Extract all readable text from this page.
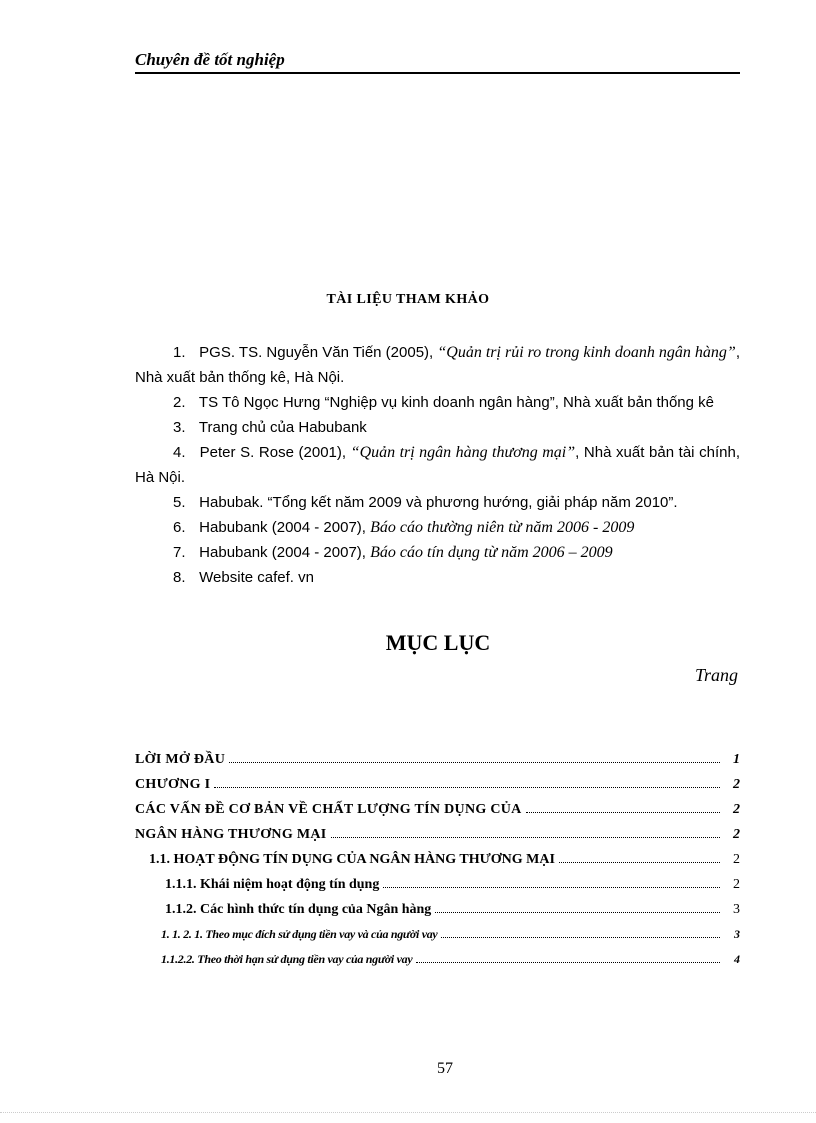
Chuyên đề tốt nghiệp
TÀI LIỆU THAM KHẢO
1. PGS. TS. Nguyễn Văn Tiến (2005), “Quản trị rủi ro trong kinh doanh ngân hàng”, Nhà xuất bản thống kê, Hà Nội.
2. TS Tô Ngọc Hưng “Nghiệp vụ kinh doanh ngân hàng”, Nhà xuất bản thống kê
3. Trang chủ của Habubank
4. Peter S. Rose (2001), “Quản trị ngân hàng thương mại”, Nhà xuất bản tài chính, Hà Nội.
5. Habubak. “Tổng kết năm 2009 và phương hướng, giải pháp năm 2010”.
6. Habubank (2004 - 2007), Báo cáo thường niên từ năm 2006 - 2009
7. Habubank (2004 - 2007), Báo cáo tín dụng từ năm 2006 – 2009
8. Website cafef. vn
MỤC LỤC
Trang
LỜI MỞ ĐẦU	1
CHƯƠNG I	2
CÁC VẤN ĐỀ CƠ BẢN VỀ CHẤT LƯỢNG TÍN DỤNG CỦA	2
NGÂN HÀNG THƯƠNG MẠI	2
1.1. HOẠT ĐỘNG TÍN DỤNG CỦA NGÂN HÀNG THƯƠNG MẠI	2
1.1.1. Khái niệm hoạt động tín dụng	2
1.1.2. Các hình thức tín dụng của Ngân hàng	3
1. 1. 2. 1. Theo mục đích sử dụng tiền vay và của người vay	3
1.1.2.2. Theo thời hạn sử dụng tiền vay của người vay	4
57
